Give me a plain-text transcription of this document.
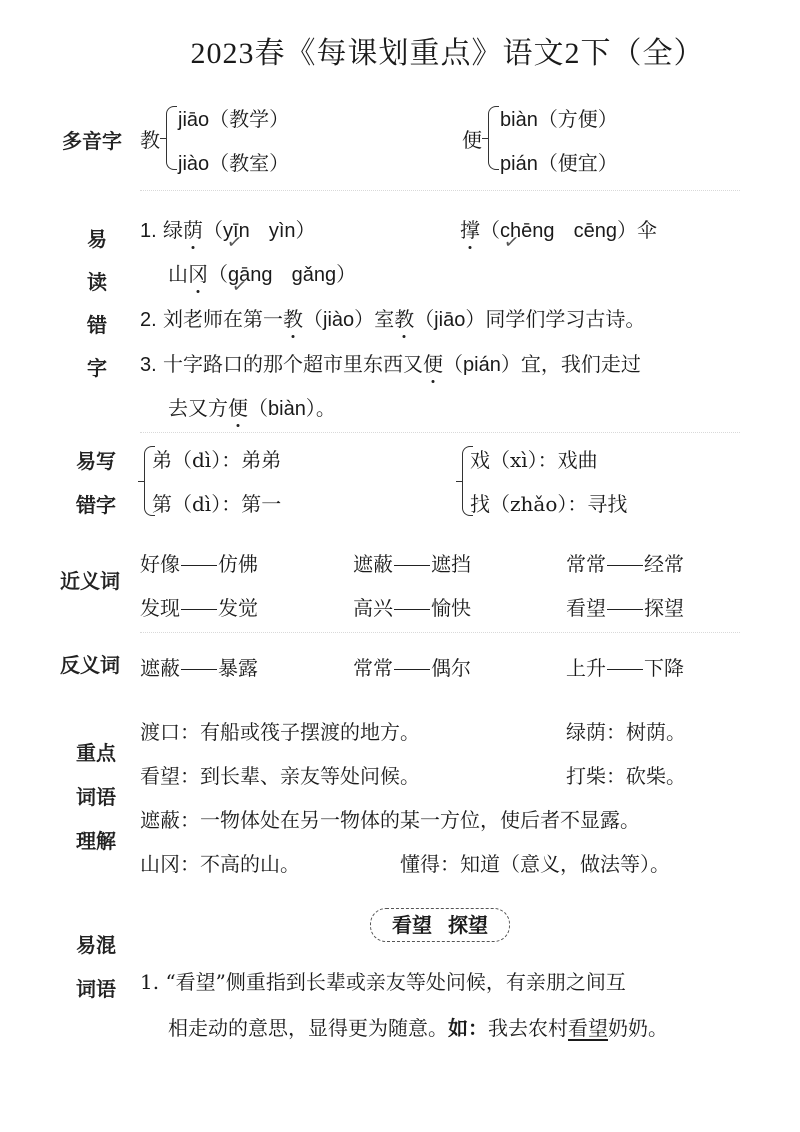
2023春《每课划重点》语文2下（全）
多音字 教
jiāo（教学）
jiào（教室）
便
biàn（方便）
pián（便宜）
易
读
错
字
1. 绿荫（yīn ✓ yìn）	撑（chēng ✓ cēng）伞
山冈（gāng ✓ gǎng）
2. 刘老师在第一教（jiào）室教（jiāo）同学们学习古诗。
3. 十字路口的那个超市里东西又便（pián）宜，我们走过
去又方便（biàn）。
易写
错字
弟（dì）：弟弟
第（dì）：第一
戏（xì）：戏曲
找（zhǎo）：寻找
近义词
好像 仿佛	遮蔽 遮挡	常常 经常
发现 发觉	高兴 愉快	看望 探望
反义词 遮蔽 暴露	常常 偶尔	上升 下降
重点
词语
理解
渡口：有船或筏子摆渡的地方。	绿荫：树荫。
看望：到长辈、亲友等处问候。	打柴：砍柴。
遮蔽：一物体处在另一物体的某一方位，使后者不显露。
山冈：不高的山。	懂得：知道（意义，做法等）。
易混
词语
看望 探望
1. “看望”侧重指到长辈或亲友等处问候，有亲朋之间互
相走动的意思，显得更为随意。如：我去农村看望奶奶。
